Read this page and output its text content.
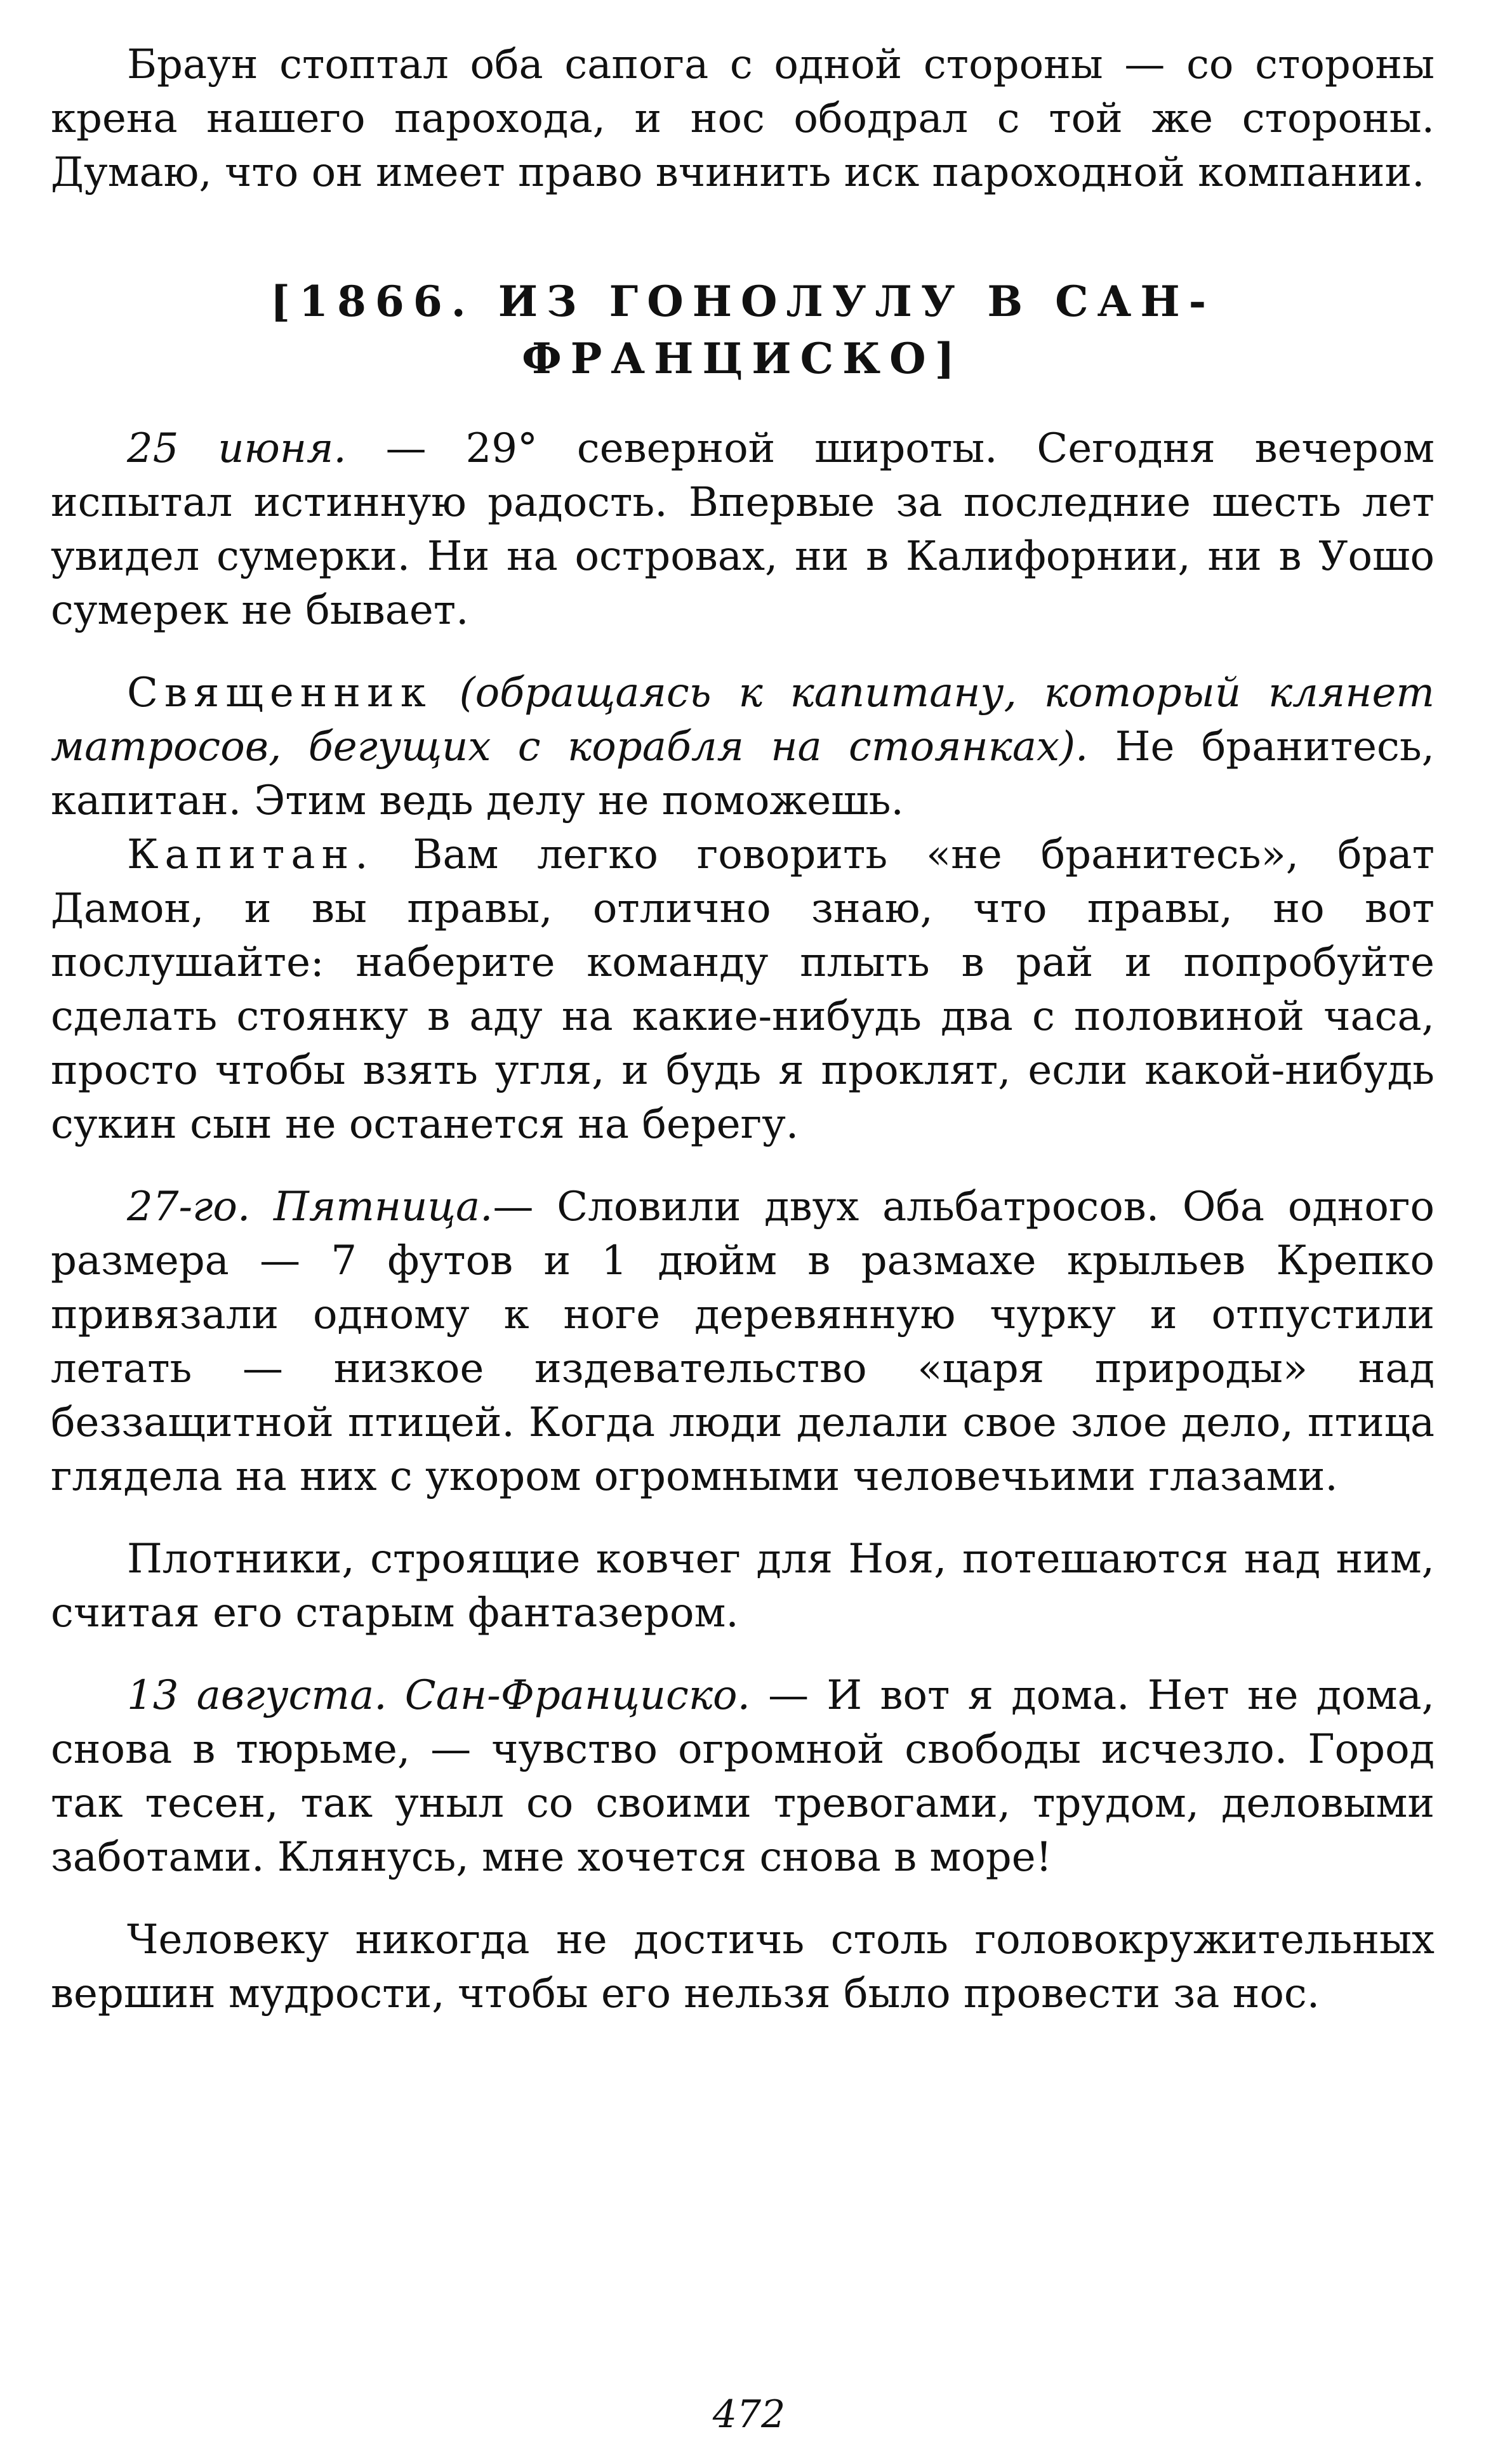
Браун стоптал оба сапога с одной стороны — со стороны крена нашего парохода, и нос ободрал с той же стороны. Думаю, что он имеет право вчинить иск пароходной компании.

[1866. ИЗ ГОНОЛУЛУ В САН-ФРАНЦИСКО]

25 июня. — 29° северной широты. Сегодня вечером испытал истинную радость. Впервые за последние шесть лет увидел сумерки. Ни на островах, ни в Калифорнии, ни в Уошо сумерек не бывает.

Священник (обращаясь к капитану, который клянет матросов, бегущих с корабля на стоянках). Не бранитесь, капитан. Этим ведь делу не поможешь.

Капитан. Вам легко говорить «не бранитесь», брат Дамон, и вы правы, отлично знаю, что правы, но вот послушайте: наберите команду плыть в рай и попробуйте сделать стоянку в аду на какие-нибудь два с половиной часа, просто чтобы взять угля, и будь я проклят, если какой-нибудь сукин сын не останется на берегу.

27-го. Пятница.— Словили двух альбатросов. Оба одного размера — 7 футов и 1 дюйм в размахе крыльев Крепко привязали одному к ноге деревянную чурку и отпустили летать — низкое издевательство «царя природы» над беззащитной птицей. Когда люди делали свое злое дело, птица глядела на них с укором огромными человечьими глазами.

Плотники, строящие ковчег для Ноя, потешаются над ним, считая его старым фантазером.

13 августа. Сан-Франциско. — И вот я дома. Нет не дома, снова в тюрьме, — чувство огромной свободы исчезло. Город так тесен, так уныл со своими тревогами, трудом, деловыми заботами. Клянусь, мне хочется снова в море!

Человеку никогда не достичь столь головокружительных вершин мудрости, чтобы его нельзя было провести за нос.

472
